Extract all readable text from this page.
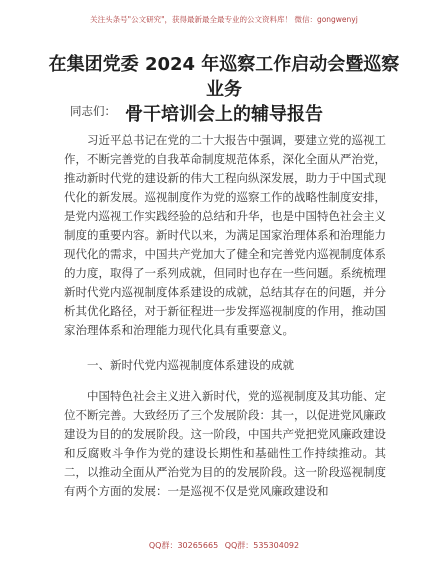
关注头条号"公文研究"，获得最新最全最专业的公文资料库！ 微信：gongwenyj
在集团党委 2024 年巡察工作启动会暨巡察业务
骨干培训会上的辅导报告
同志们：

习近平总书记在党的二十大报告中强调，要建立党的巡视工作，不断完善党的自我革命制度规范体系，深化全面从严治党，推动新时代党的建设新的伟大工程向纵深发展，助力于中国式现代化的新发展。巡视制度作为党的巡察工作的战略性制度安排，是党内巡视工作实践经验的总结和升华，也是中国特色社会主义制度的重要内容。新时代以来，为满足国家治理体系和治理能力现代化的需求，中国共产党加大了健全和完善党内巡视制度体系的力度，取得了一系列成就，但同时也存在一些问题。系统梳理新时代党内巡视制度体系建设的成就，总结其存在的问题，并分析其优化路径，对于新征程进一步发挥巡视制度的作用，推动国家治理体系和治理能力现代化具有重要意义。

一、新时代党内巡视制度体系建设的成就

中国特色社会主义进入新时代，党的巡视制度及其功能、定位不断完善。大致经历了三个发展阶段：其一，以促进党风廉政建设为目的的发展阶段。这一阶段，中国共产党把党风廉政建设和反腐败斗争作为党的建设长期性和基础性工作持续推动。其二，以推动全面从严治党为目的的发展阶段。这一阶段巡视制度有两个方面的发展：一是巡视不仅是党风廉政建设和

QQ群：30265665 QQ群：535304092
